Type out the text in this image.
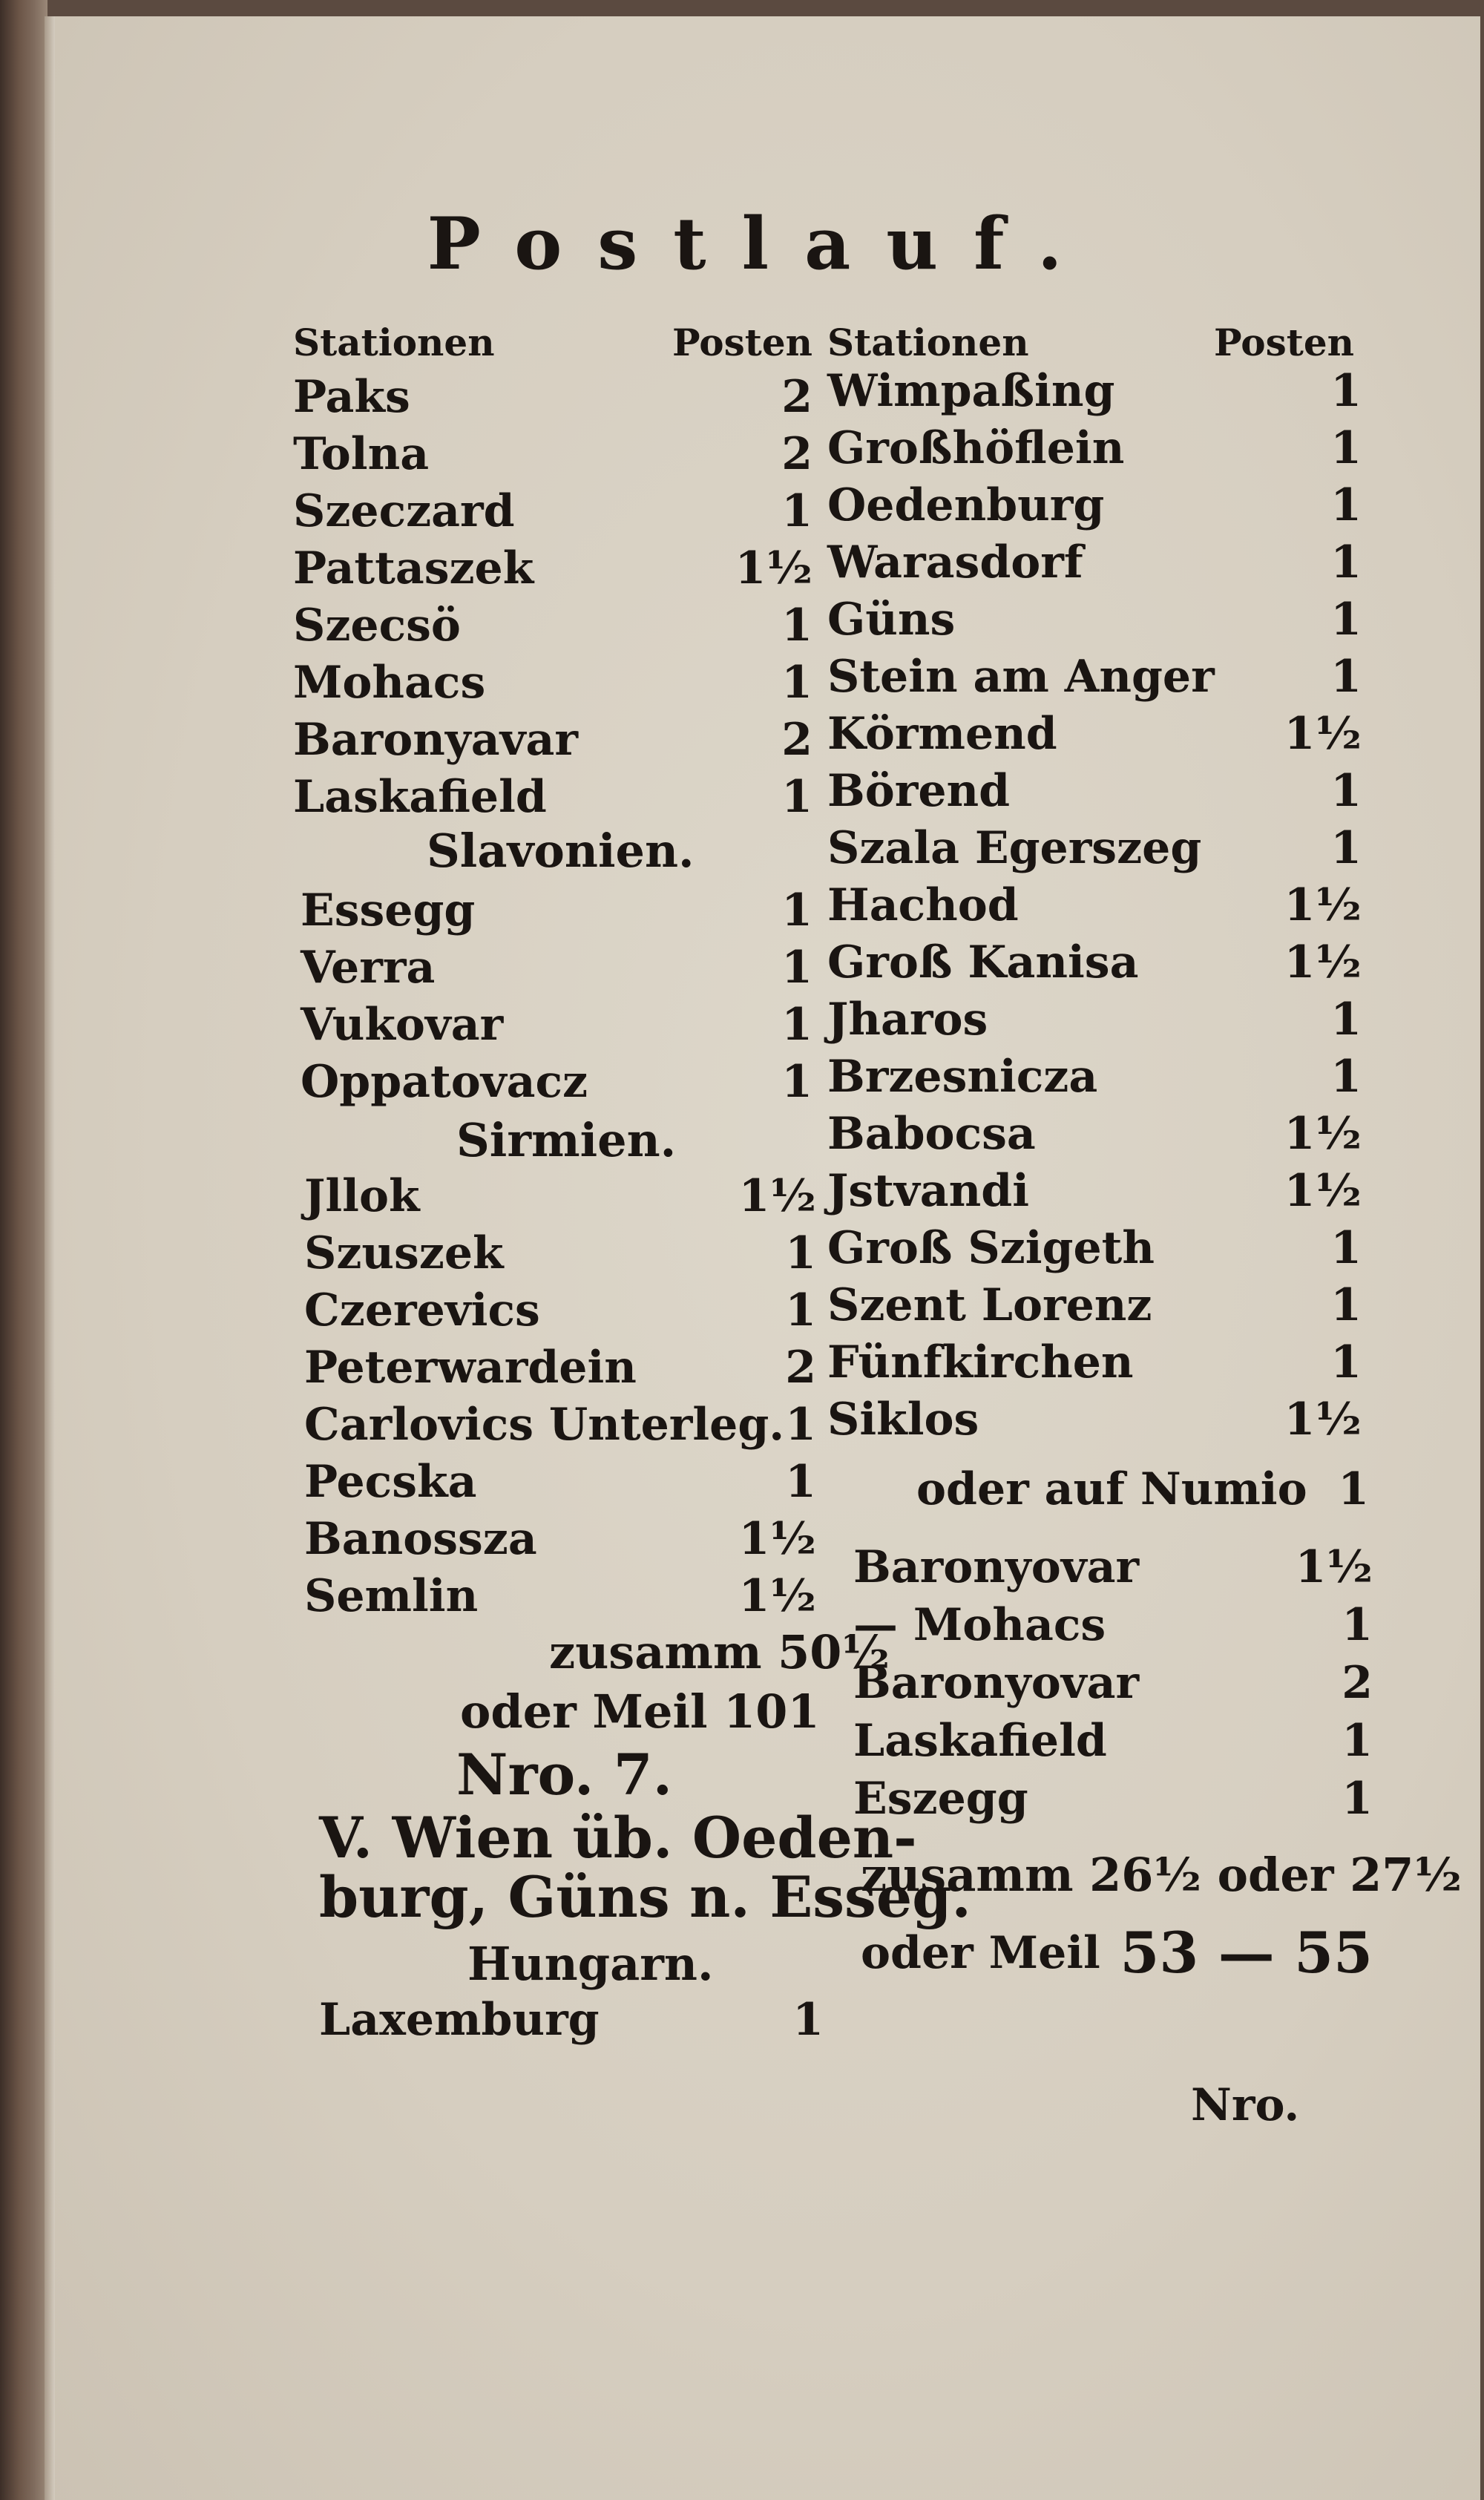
Postlauf.
Stationen	Posten
Paks	2
Tolna	2
Szeczard	1
Pattaszek	1½
Szecsö	1
Mohacs	1
Baronyavar	2
Laskafield	1
Slavonien.
Essegg	1
Verra	1
Vukovar	1
Oppatovacz	1
Sirmien.
Jllok	1½
Szuszek	1
Czerevics	1
Peterwardein	2
Carlovics Unterleg. 1
Pecska	1
Banossza	1½
Semlin	1½
zusamm 50½
oder Meil 101
Nro. 7.
V. Wien üb. Oeden-
burg, Güns n. Esseg.
Hungarn.
Laxemburg	1
Stationen	Posten
Wimpaßing	1
Großhöflein	1
Oedenburg	1
Warasdorf	1
Güns	1
Stein am Anger	1
Körmend	1½
Börend	1
Szala Egerszeg	1
Hachod	1½
Groß Kanisa	1½
Jharos	1
Brzesnicza	1
Babocsa	1½
Jstvandi	1½
Groß Szigeth	1
Szent Lorenz	1
Fünfkirchen	1
Siklos	1½
oder auf Numio 1
Baronyovar	1½
— Mohacs	1
Baronyovar	2
Laskafield	1
Eszegg	1
zusamm 26½ oder 27½
oder Meil 53 — 55
Nro.
